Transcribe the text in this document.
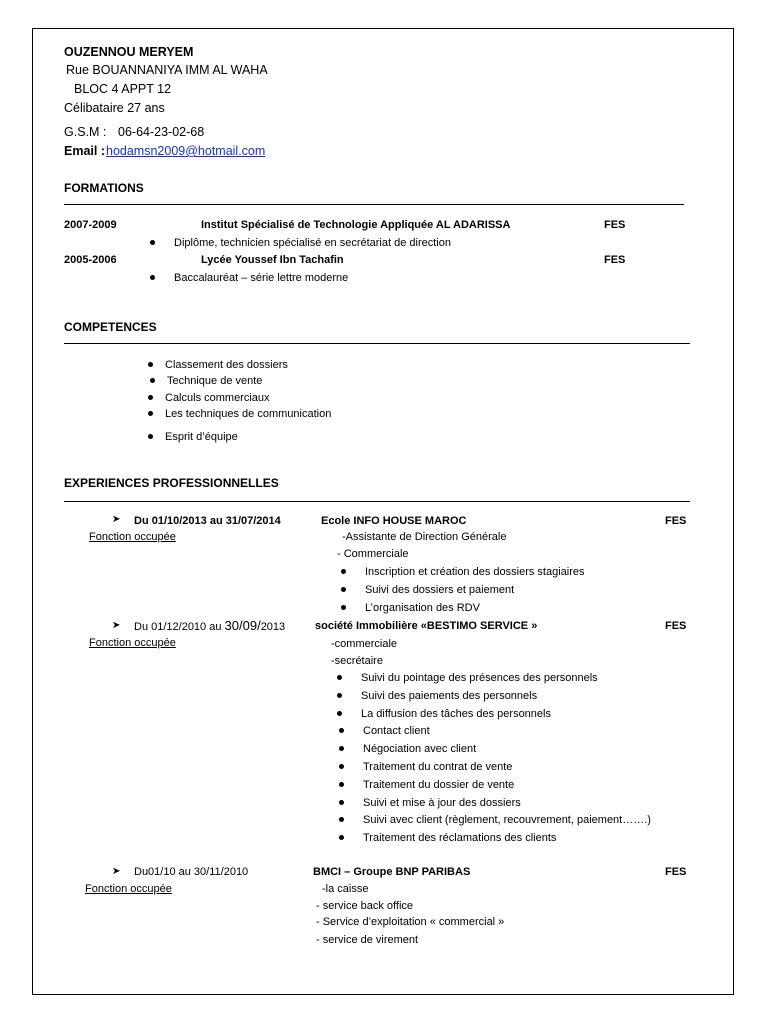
OUZENNOU MERYEM
Rue BOUANNANIYA IMM AL WAHA
BLOC 4 APPT 12
Célibataire 27 ans
G.S.M : 06-64-23-02-68
Email : hodamsn2009@hotmail.com
FORMATIONS
2007-2009	Institut Spécialisé de Technologie Appliquée AL ADARISSA	FES
Diplôme, technicien spécialisé en secrétariat de direction
2005-2006	Lycée Youssef Ibn Tachafin	FES
Baccalauréat – série lettre moderne
COMPETENCES
Classement des dossiers
Technique de vente
Calculs commerciaux
Les techniques de communication
Esprit d’équipe
EXPERIENCES PROFESSIONNELLES
➤ Du 01/10/2013 au 31/07/2014	Ecole INFO HOUSE MAROC	FES
Fonction occupée	-Assistante de Direction Générale
- Commerciale
Inscription et création des dossiers stagiaires
Suivi des dossiers et paiement
L’organisation des RDV
➤ Du 01/12/2010 au 30/09/2013	société Immobilière «BESTIMO SERVICE »	FES
Fonction occupée	-commerciale
-secrétaire
Suivi du pointage des présences des personnels
Suivi des paiements des personnels
La diffusion des tâches des personnels
Contact client
Négociation avec client
Traitement du contrat de vente
Traitement du dossier de vente
Suivi et mise à jour des dossiers
Suivi avec client (règlement, recouvrement, paiement…….)
Traitement des réclamations des clients
➤ Du01/10 au 30/11/2010	BMCI – Groupe BNP PARIBAS	FES
Fonction occupée	-la caisse
- service back office
- Service d’exploitation « commercial »
- service de virement
